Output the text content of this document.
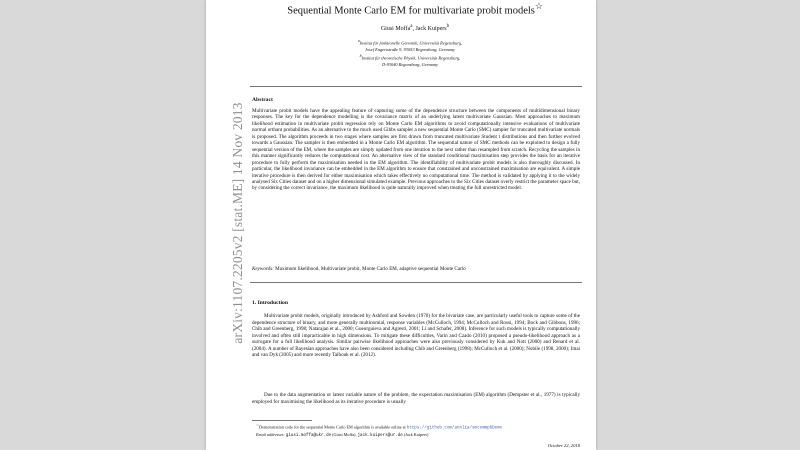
arXiv:1107.2205v2 [stat.ME] 14 Nov 2013
Sequential Monte Carlo EM for multivariate probit models☆
Giusi Moffa$^a$, Jack Kuipers$^b$
$^a$Institut für funktionelle Genomik, Universität Regensburg,
Josef Engertstraße 9, 93053 Regensburg, Germany
$^b$Institut für theoretische Physik, Universität Regensburg,
D-93040 Regensburg, Germany
Abstract

Multivariate probit models have the appealing feature of capturing some of the dependence structure between the components of multidimensional binary responses. The key for the dependence modelling is the covariance matrix of an underlying latent multivariate Gaussian. Most approaches to maximum likelihood estimation in multivariate probit regression rely on Monte Carlo EM algorithms to avoid computationally intensive evaluations of multivariate normal orthant probabilities. As an alternative to the much used Gibbs sampler a new sequential Monte Carlo (SMC) sampler for truncated multivariate normals is proposed. The algorithm proceeds in two stages where samples are first drawn from truncated multivariate Student t distributions and then further evolved towards a Gaussian. The sampler is then embedded in a Monte Carlo EM algorithm. The sequential nature of SMC methods can be exploited to design a fully sequential version of the EM, where the samples are simply updated from one iteration to the next rather than resampled from scratch. Recycling the samples in this manner significantly reduces the computational cost. An alternative view of the standard conditional maximisation step provides the basis for an iterative procedure to fully perform the maximisation needed in the EM algorithm. The identifiability of multivariate probit models is also thoroughly discussed. In particular, the likelihood invariance can be embedded in the EM algorithm to ensure that constrained and unconstrained maximisation are equivalent. A simple iterative procedure is then derived for either maximisation which takes effectively no computational time. The method is validated by applying it to the widely analysed Six Cities dataset and on a higher dimensional simulated example. Previous approaches to the Six Cities dataset overly restrict the parameter space but, by considering the correct invariance, the maximum likelihood is quite naturally improved when treating the full unrestricted model.

Keywords: Maximum likelihood, Multivariate probit, Monte Carlo EM, adaptive sequential Monte Carlo
1. Introduction

Multivariate probit models, originally introduced by Ashford and Sowden (1970) for the bivariate case, are particularly useful tools to capture some of the dependence structure of binary, and more generally multinomial, response variables (McCulloch, 1994; McCulloch and Rossi, 1994; Bock and Gibbons, 1996; Chib and Greenberg, 1998; Natarajan et al., 2000; Gueorguieva and Agresti, 2001; Li and Schafer, 2008). Inference for such models is typically computationally involved and often still impracticable in high dimensions. To mitigate these difficulties, Varin and Czado (2010) proposed a pseudo-likelihood approach as a surrogate for a full likelihood analysis. Similar pairwise likelihood approaches were also previously considered by Kuk and Nott (2000) and Renard et al. (2004). A number of Bayesian approaches have also been considered including Chib and Greenberg (1998); McCulloch et al. (2000); Nobile (1998, 2000); Imai and van Dyk (2005) and more recently Talhouk et al. (2012).

Due to the data augmentation or latent variable nature of the problem, the expectation maximisation (EM) algorithm (Dempster et al., 1977) is typically employed for maximising the likelihood as its iterative procedure is usually

☆Demonstration code for the sequential Monte Carlo EM algorithm is available online at https://github.com/annlia/smcemmpbDemo
Email addresses: giusi.moffa@ukr.de (Giusi Moffa), jack.kuipers@ur.de (Jack Kuipers)
October 22, 2018
